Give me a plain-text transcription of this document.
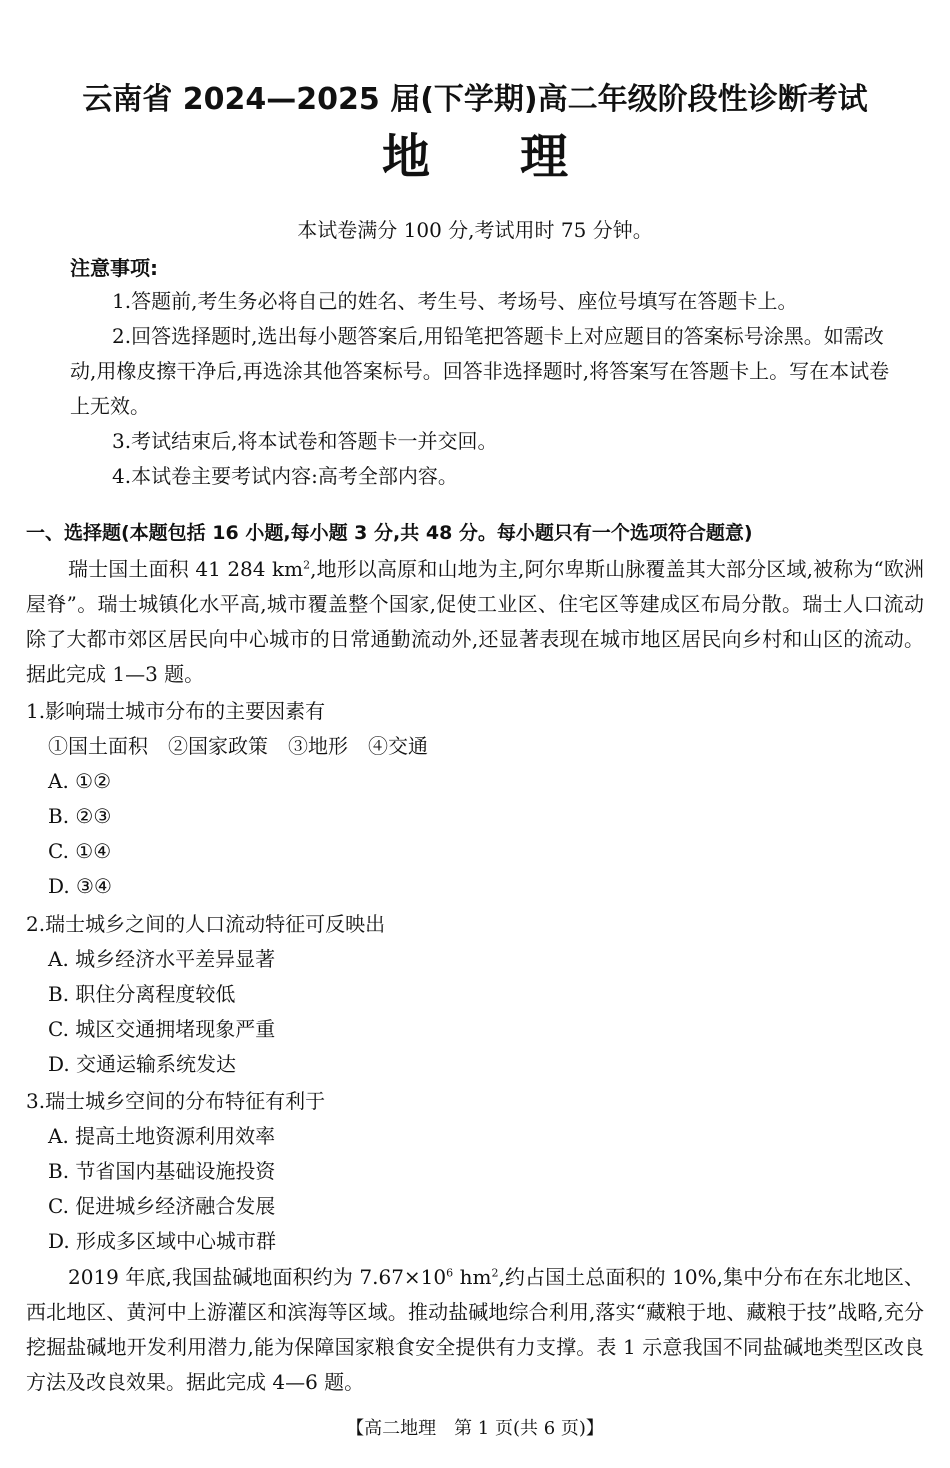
云南省 2024—2025 届(下学期)高二年级阶段性诊断考试
地理
本试卷满分 100 分,考试用时 75 分钟。
注意事项:
1.答题前,考生务必将自己的姓名、考生号、考场号、座位号填写在答题卡上。
2.回答选择题时,选出每小题答案后,用铅笔把答题卡上对应题目的答案标号涂黑。如需改动,用橡皮擦干净后,再选涂其他答案标号。回答非选择题时,将答案写在答题卡上。写在本试卷上无效。
3.考试结束后,将本试卷和答题卡一并交回。
4.本试卷主要考试内容:高考全部内容。
一、选择题(本题包括 16 小题,每小题 3 分,共 48 分。每小题只有一个选项符合题意)
瑞士国土面积 41 284 $km^2$,地形以高原和山地为主,阿尔卑斯山脉覆盖其大部分区域,被称为“欧洲屋脊”。瑞士城镇化水平高,城市覆盖整个国家,促使工业区、住宅区等建成区布局分散。瑞士人口流动除了大都市郊区居民向中心城市的日常通勤流动外,还显著表现在城市地区居民向乡村和山区的流动。据此完成 1—3 题。
1.影响瑞士城市分布的主要因素有
①国土面积　②国家政策　③地形　④交通
A. ①②
B. ②③
C. ①④
D. ③④
2.瑞士城乡之间的人口流动特征可反映出
A. 城乡经济水平差异显著
B. 职住分离程度较低
C. 城区交通拥堵现象严重
D. 交通运输系统发达
3.瑞士城乡空间的分布特征有利于
A. 提高土地资源利用效率
B. 节省国内基础设施投资
C. 促进城乡经济融合发展
D. 形成多区域中心城市群
2019 年底,我国盐碱地面积约为 $7.67\times 10^6$ $hm^2$,约占国土总面积的 10%,集中分布在东北地区、西北地区、黄河中上游灌区和滨海等区域。推动盐碱地综合利用,落实“藏粮于地、藏粮于技”战略,充分挖掘盐碱地开发利用潜力,能为保障国家粮食安全提供有力支撑。表 1 示意我国不同盐碱地类型区改良方法及改良效果。据此完成 4—6 题。
【高二地理　第 1 页(共 6 页)】
